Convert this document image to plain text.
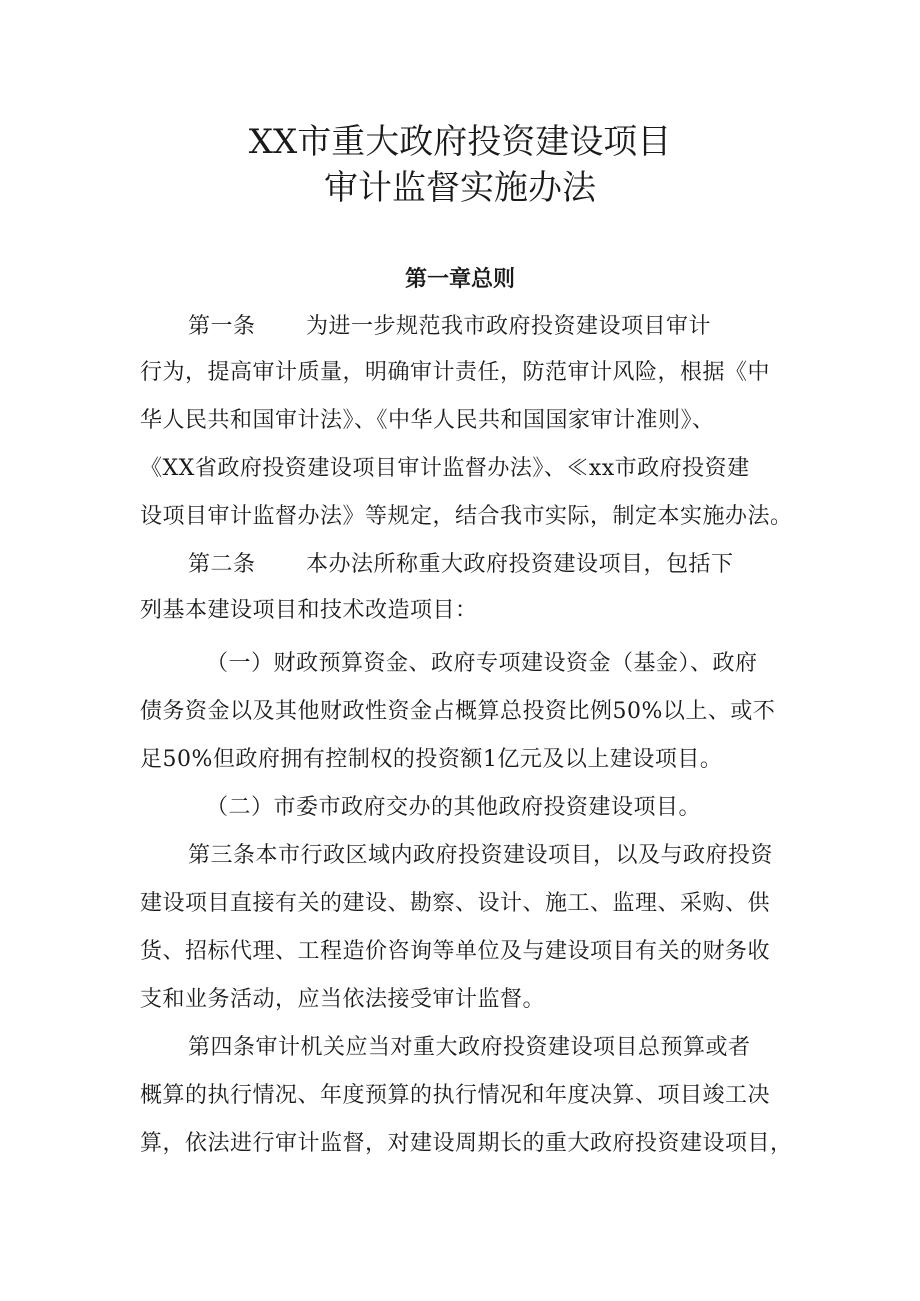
XX市重大政府投资建设项目
审计监督实施办法
第一章总则
第一条 为进一步规范我市政府投资建设项目审计
行为，提高审计质量，明确审计责任，防范审计风险，根据《中
华人民共和国审计法》、《中华人民共和国国家审计准则》、
《XX省政府投资建设项目审计监督办法》、≪xx市政府投资建
设项目审计监督办法》等规定，结合我市实际，制定本实施办法。
第二条 本办法所称重大政府投资建设项目，包括下
列基本建设项目和技术改造项目：
（一）财政预算资金、政府专项建设资金（基金）、政府
债务资金以及其他财政性资金占概算总投资比例50%以上、或不
足50%但政府拥有控制权的投资额1亿元及以上建设项目。
（二）市委市政府交办的其他政府投资建设项目。
第三条本市行政区域内政府投资建设项目，以及与政府投资
建设项目直接有关的建设、勘察、设计、施工、监理、采购、供
货、招标代理、工程造价咨询等单位及与建设项目有关的财务收
支和业务活动，应当依法接受审计监督。
第四条审计机关应当对重大政府投资建设项目总预算或者
概算的执行情况、年度预算的执行情况和年度决算、项目竣工决
算，依法进行审计监督，对建设周期长的重大政府投资建设项目，
